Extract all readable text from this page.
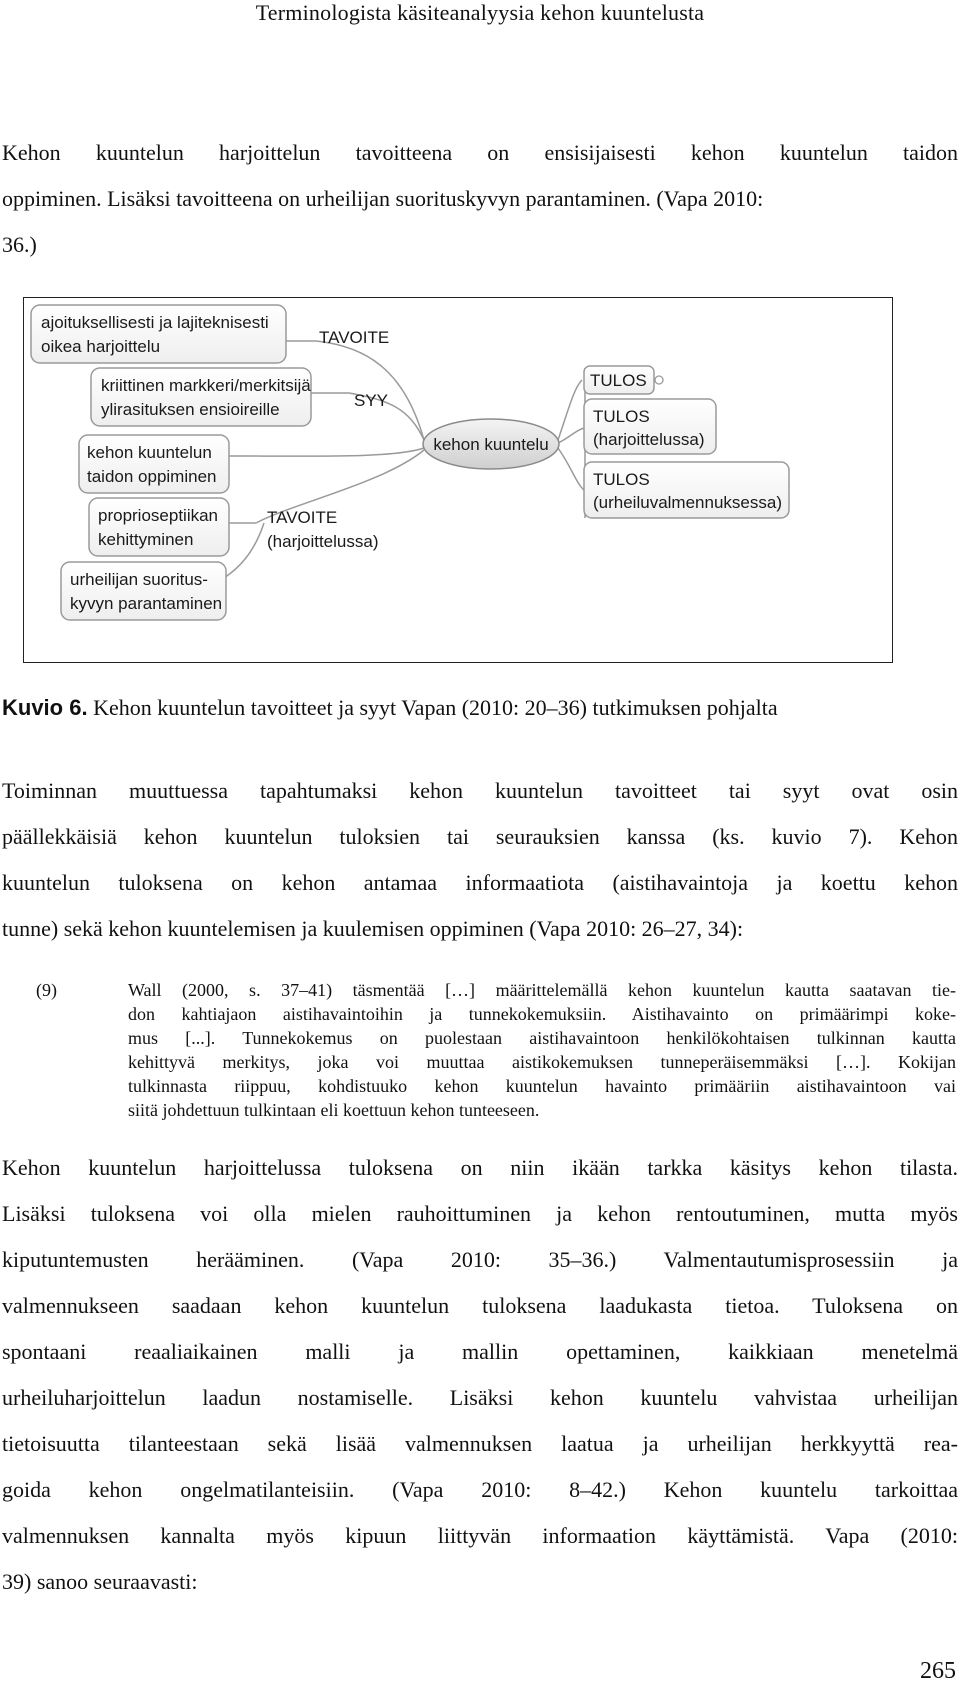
Terminologista käsiteanalyysia kehon kuuntelusta
Kehon kuuntelun harjoittelun tavoitteena on ensisijaisesti kehon kuuntelun taidon
oppiminen. Lisäksi tavoitteena on urheilijan suorituskyvyn parantaminen. (Vapa 2010:
36.)
ajoituksellisesti ja lajiteknisesti
oikea harjoittelu
kriittinen markkeri/merkitsijä
ylirasituksen ensioireille
kehon kuuntelun
taidon oppiminen
proprioseptiikan
kehittyminen
urheilijan suoritus-
kyvyn parantaminen
TAVOITE
SYY
TAVOITE
(harjoittelussa)
kehon kuuntelu
TULOS
TULOS
(harjoittelussa)
TULOS
(urheiluvalmennuksessa)
Kuvio 6. Kehon kuuntelun tavoitteet ja syyt Vapan (2010: 20–36) tutkimuksen pohjalta
Toiminnan muuttuessa tapahtumaksi kehon kuuntelun tavoitteet tai syyt ovat osin
päällekkäisiä kehon kuuntelun tuloksien tai seurauksien kanssa (ks. kuvio 7). Kehon
kuuntelun tuloksena on kehon antamaa informaatiota (aistihavaintoja ja koettu kehon
tunne) sekä kehon kuuntelemisen ja kuulemisen oppiminen (Vapa 2010: 26–27, 34):
(9)	Wall (2000, s. 37–41) täsmentää […] määrittelemällä kehon kuuntelun kautta saatavan tie-
don kahtiajaon aistihavaintoihin ja tunnekokemuksiin. Aistihavainto on primäärimpi koke-
mus [...]. Tunnekokemus on puolestaan aistihavaintoon henkilökohtaisen tulkinnan kautta
kehittyvä merkitys, joka voi muuttaa aistikokemuksen tunneperäisemmäksi […]. Kokijan
tulkinnasta riippuu, kohdistuuko kehon kuuntelun havainto primääriin aistihavaintoon vai
siitä johdettuun tulkintaan eli koettuun kehon tunteeseen.
Kehon kuuntelun harjoittelussa tuloksena on niin ikään tarkka käsitys kehon tilasta.
Lisäksi tuloksena voi olla mielen rauhoittuminen ja kehon rentoutuminen, mutta myös
kiputuntemusten herääminen. (Vapa 2010: 35–36.) Valmentautumisprosessiin ja
valmennukseen saadaan kehon kuuntelun tuloksena laadukasta tietoa. Tuloksena on
spontaani reaaliaikainen malli ja mallin opettaminen, kaikkiaan menetelmä
urheiluharjoittelun laadun nostamiselle. Lisäksi kehon kuuntelu vahvistaa urheilijan
tietoisuutta tilanteestaan sekä lisää valmennuksen laatua ja urheilijan herkkyyttä rea-
goida kehon ongelmatilanteisiin. (Vapa 2010: 8–42.) Kehon kuuntelu tarkoittaa
valmennuksen kannalta myös kipuun liittyvän informaation käyttämistä. Vapa (2010:
39) sanoo seuraavasti:
265
